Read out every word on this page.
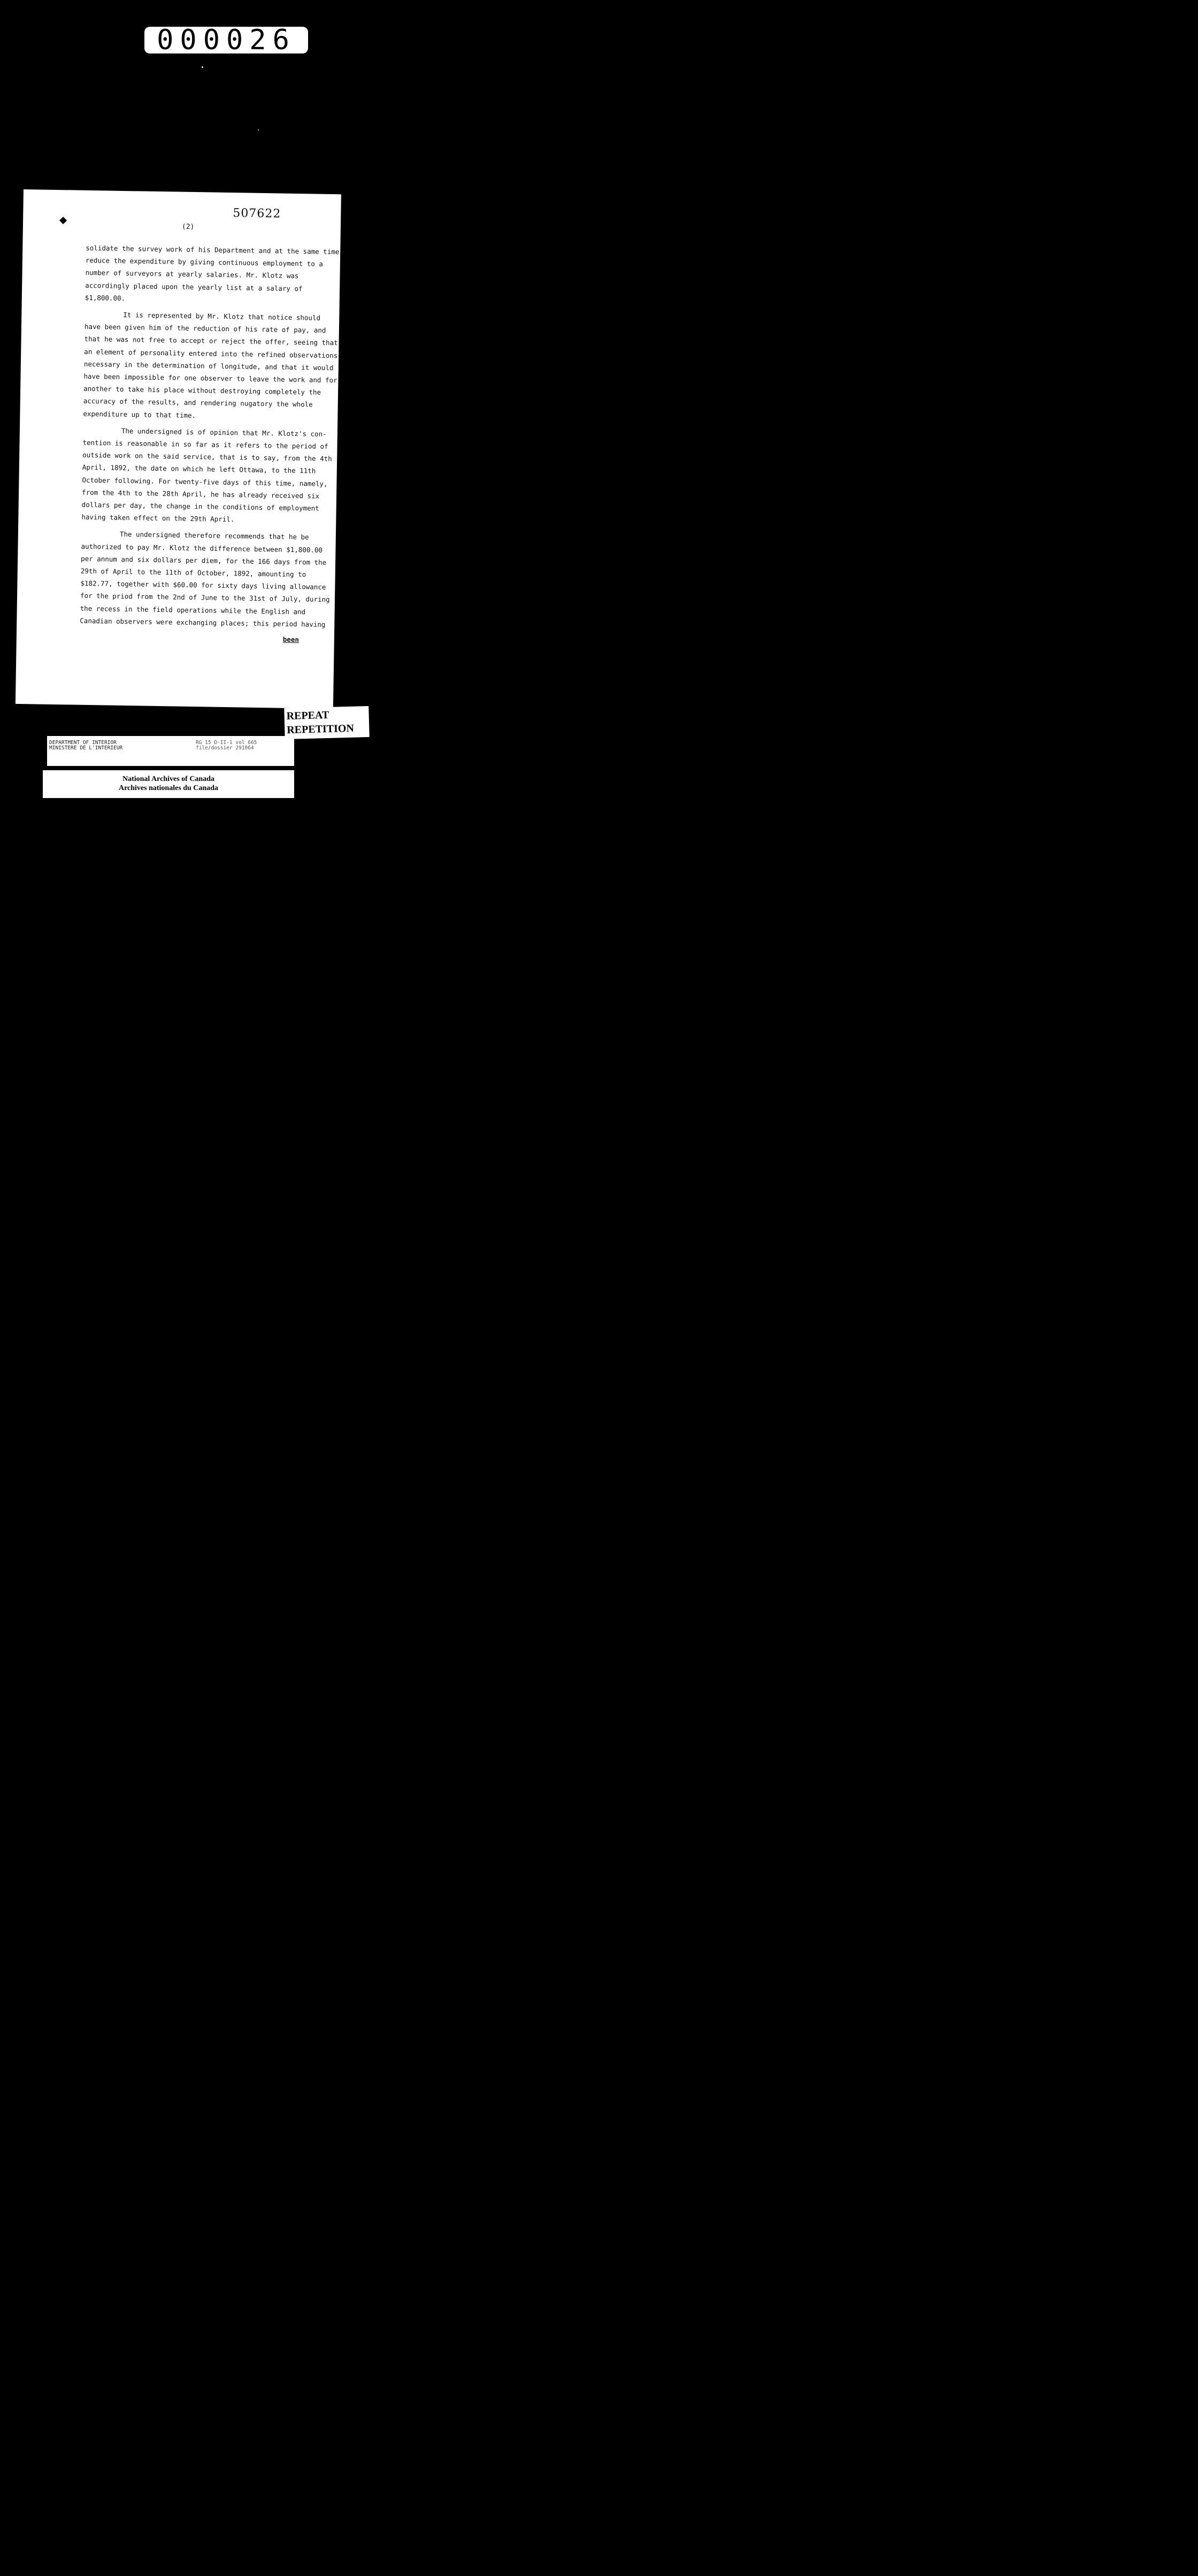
000026
507622
(2)

solidate the survey work of his Department and at the same time
reduce the expenditure by giving continuous employment to a
number of surveyors at yearly salaries. Mr. Klotz was
accordingly placed upon the yearly list at a salary of
$1,800.00.

It is represented by Mr. Klotz that notice should
have been given him of the reduction of his rate of pay, and
that he was not free to accept or reject the offer, seeing that
an element of personality entered into the refined observations
necessary in the determination of longitude, and that it would
have been impossible for one observer to leave the work and for
another to take his place without destroying completely the
accuracy of the results, and rendering nugatory the whole
expenditure up to that time.

The undersigned is of opinion that Mr. Klotz's con-
tention is reasonable in so far as it refers to the period of
outside work on the said service, that is to say, from the 4th
April, 1892, the date on which he left Ottawa, to the 11th
October following. For twenty-five days of this time, namely,
from the 4th to the 28th April, he has already received six
dollars per day, the change in the conditions of employment
having taken effect on the 29th April.

The undersigned therefore recommends that he be
authorized to pay Mr. Klotz the difference between $1,800.00
per annum and six dollars per diem, for the 166 days from the
29th of April to the 11th of October, 1892, amounting to
$182.77, together with $60.00 for sixty days living allowance
for the priod from the 2nd of June to the 31st of July, during
the recess in the field operations while the English and
Canadian observers were exchanging places; this period having

been
REPEAT
REPETITION
DEPARTMENT OF INTERIOR
MINISTERE DE L'INTERIEUR
RG 15 D-II-1 vol 665
file/dossier 291064
National Archives of Canada
Archives nationales du Canada
